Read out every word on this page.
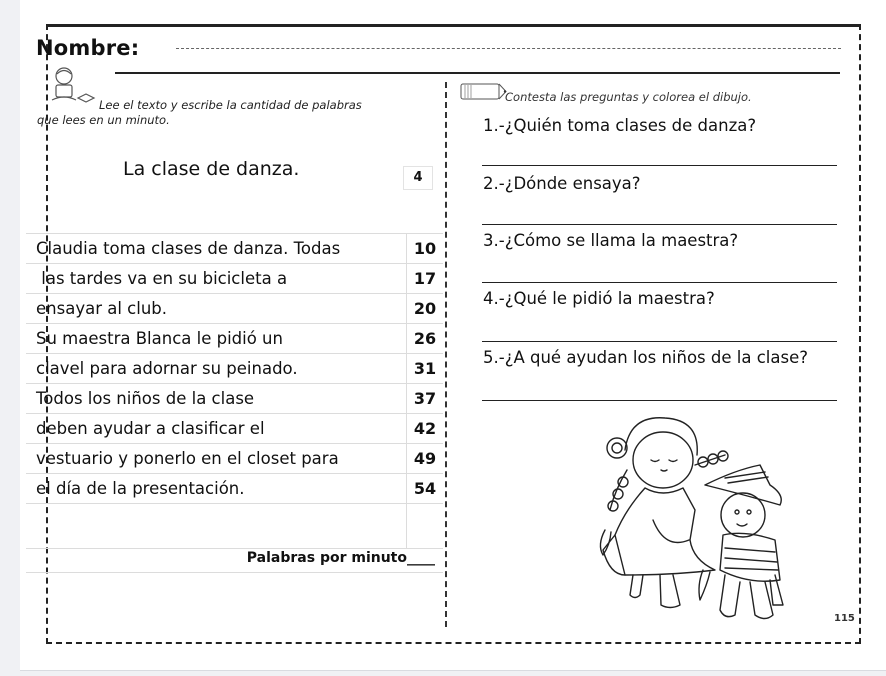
Nombre:
Lee el texto y escribe la cantidad de palabras
que lees en un minuto.
La clase de danza.	4
Claudia toma clases de danza. Todas	10
las tardes va en su bicicleta a	17
ensayar al club.	20
Su maestra Blanca le pidió un	26
clavel para adornar su peinado.	31
Todos los niños de la clase	37
deben ayudar a clasificar el	42
vestuario y ponerlo en el closet para	49
el día de la presentación.	54

Palabras por minuto____
Contesta las preguntas y colorea el dibujo.
1.-¿Quién toma clases de danza?
2.-¿Dónde ensaya?
3.-¿Cómo se llama la maestra?
4.-¿Qué le pidió la maestra?
5.-¿A qué ayudan los niños de la clase?
115
